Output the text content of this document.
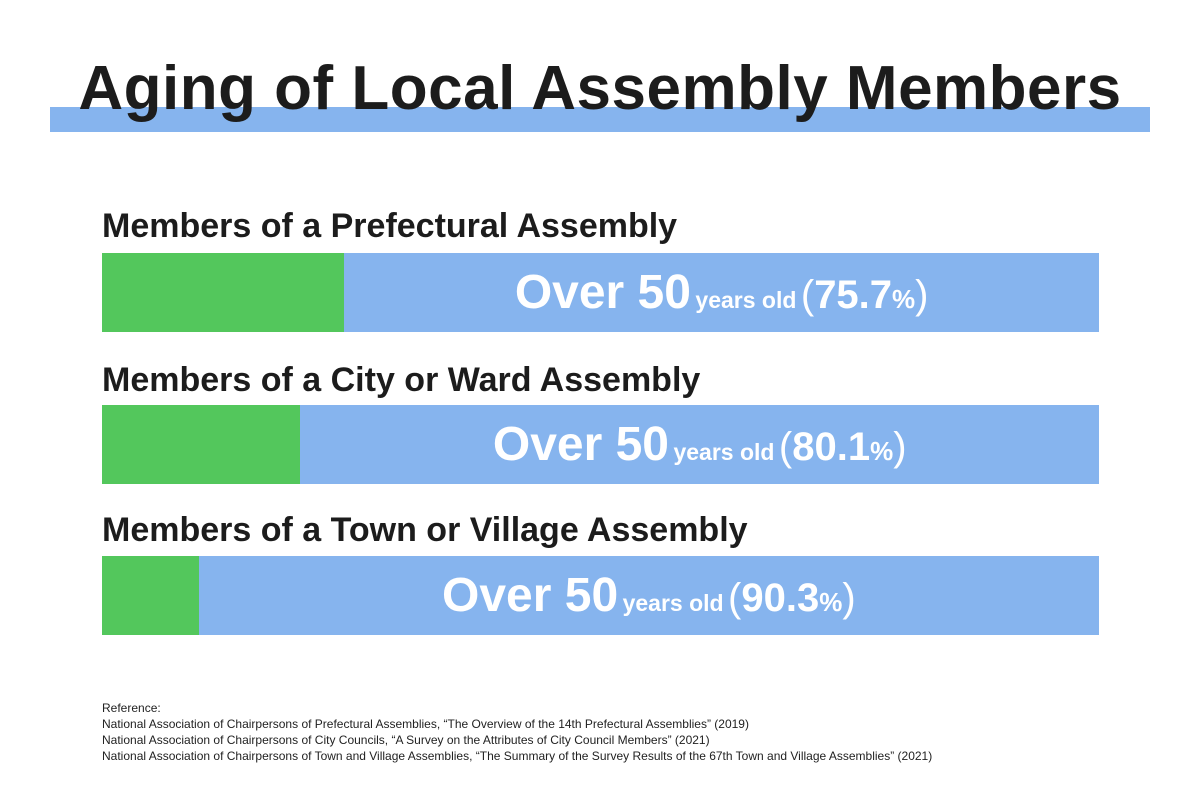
Aging of Local Assembly Members
Members of a Prefectural Assembly
Over 50 years old (75.7%)
Members of a City or Ward Assembly
Over 50 years old (80.1%)
Members of a Town or Village Assembly
Over 50 years old (90.3%)
Reference:
National Association of Chairpersons of Prefectural Assemblies, “The Overview of the 14th Prefectural Assemblies” (2019)
National Association of Chairpersons of City Councils, “A Survey on the Attributes of City Council Members” (2021)
National Association of Chairpersons of Town and Village Assemblies, “The Summary of the Survey Results of the 67th Town and Village Assemblies” (2021)
